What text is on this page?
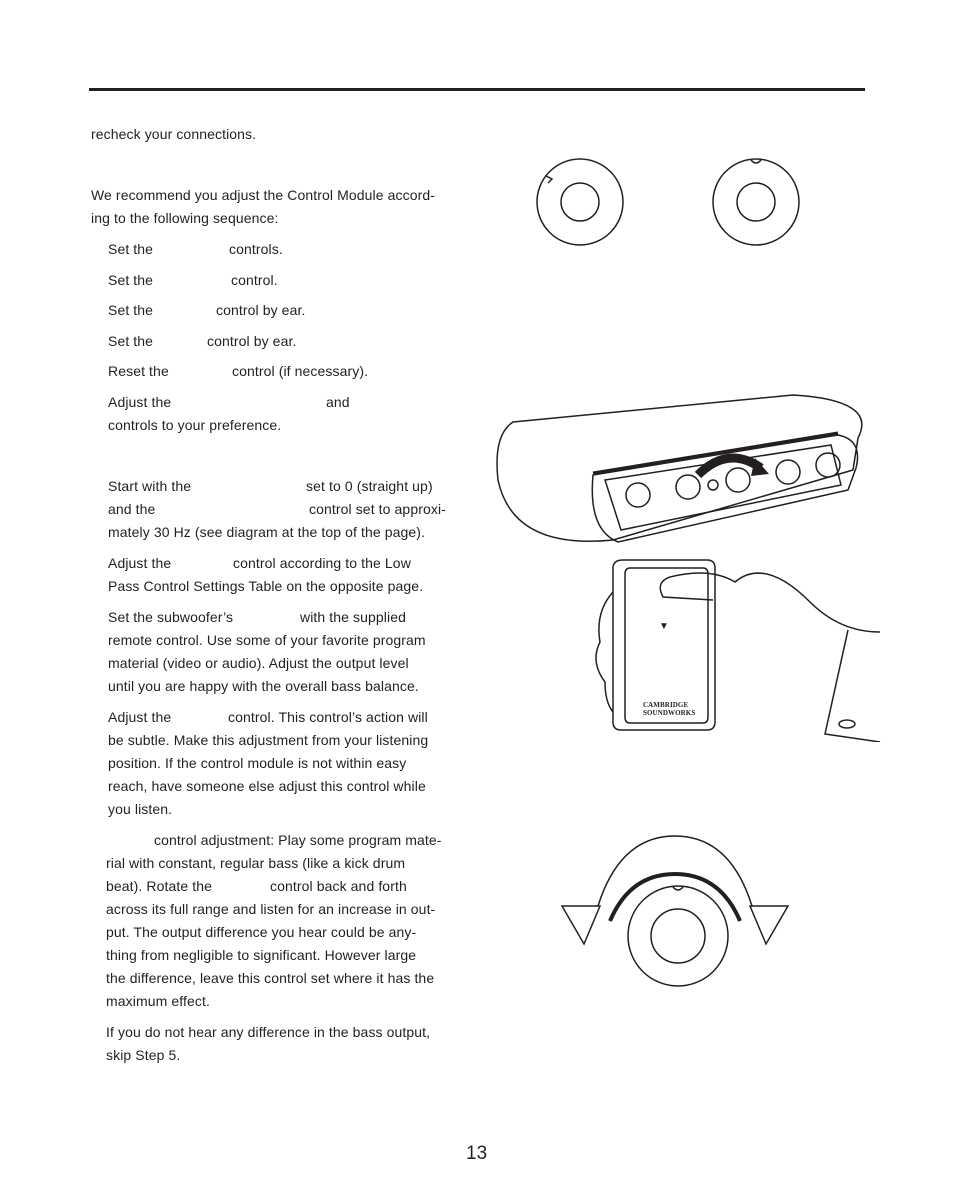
recheck your connections.
We recommend you adjust the Control Module accord-
ing to the following sequence:
Set the	controls.
Set the	control.
Set the	control by ear.
Set the	control by ear.
Reset the	control (if necessary).
Adjust the	and
controls to your preference.
Start with the	set to 0 (straight up)
and the	control set to approxi-
mately 30 Hz (see diagram at the top of the page).
Adjust the	control according to the Low
Pass Control Settings Table on the opposite page.
Set the subwoofer’s	with the supplied
remote control. Use some of your favorite program
material (video or audio). Adjust the output level
until you are happy with the overall bass balance.
Adjust the	control. This control’s action will
be subtle. Make this adjustment from your listening
position. If the control module is not within easy
reach, have someone else adjust this control while
you listen.
control adjustment: Play some program mate-
rial with constant, regular bass (like a kick drum
beat). Rotate the	control back and forth
across its full range and listen for an increase in out-
put. The output difference you hear could be any-
thing from negligible to significant. However large
the difference, leave this control set where it has the
maximum effect.
If you do not hear any difference in the bass output,
skip Step 5.
13
▼
CAMBRIDGE
SOUNDWORKS
